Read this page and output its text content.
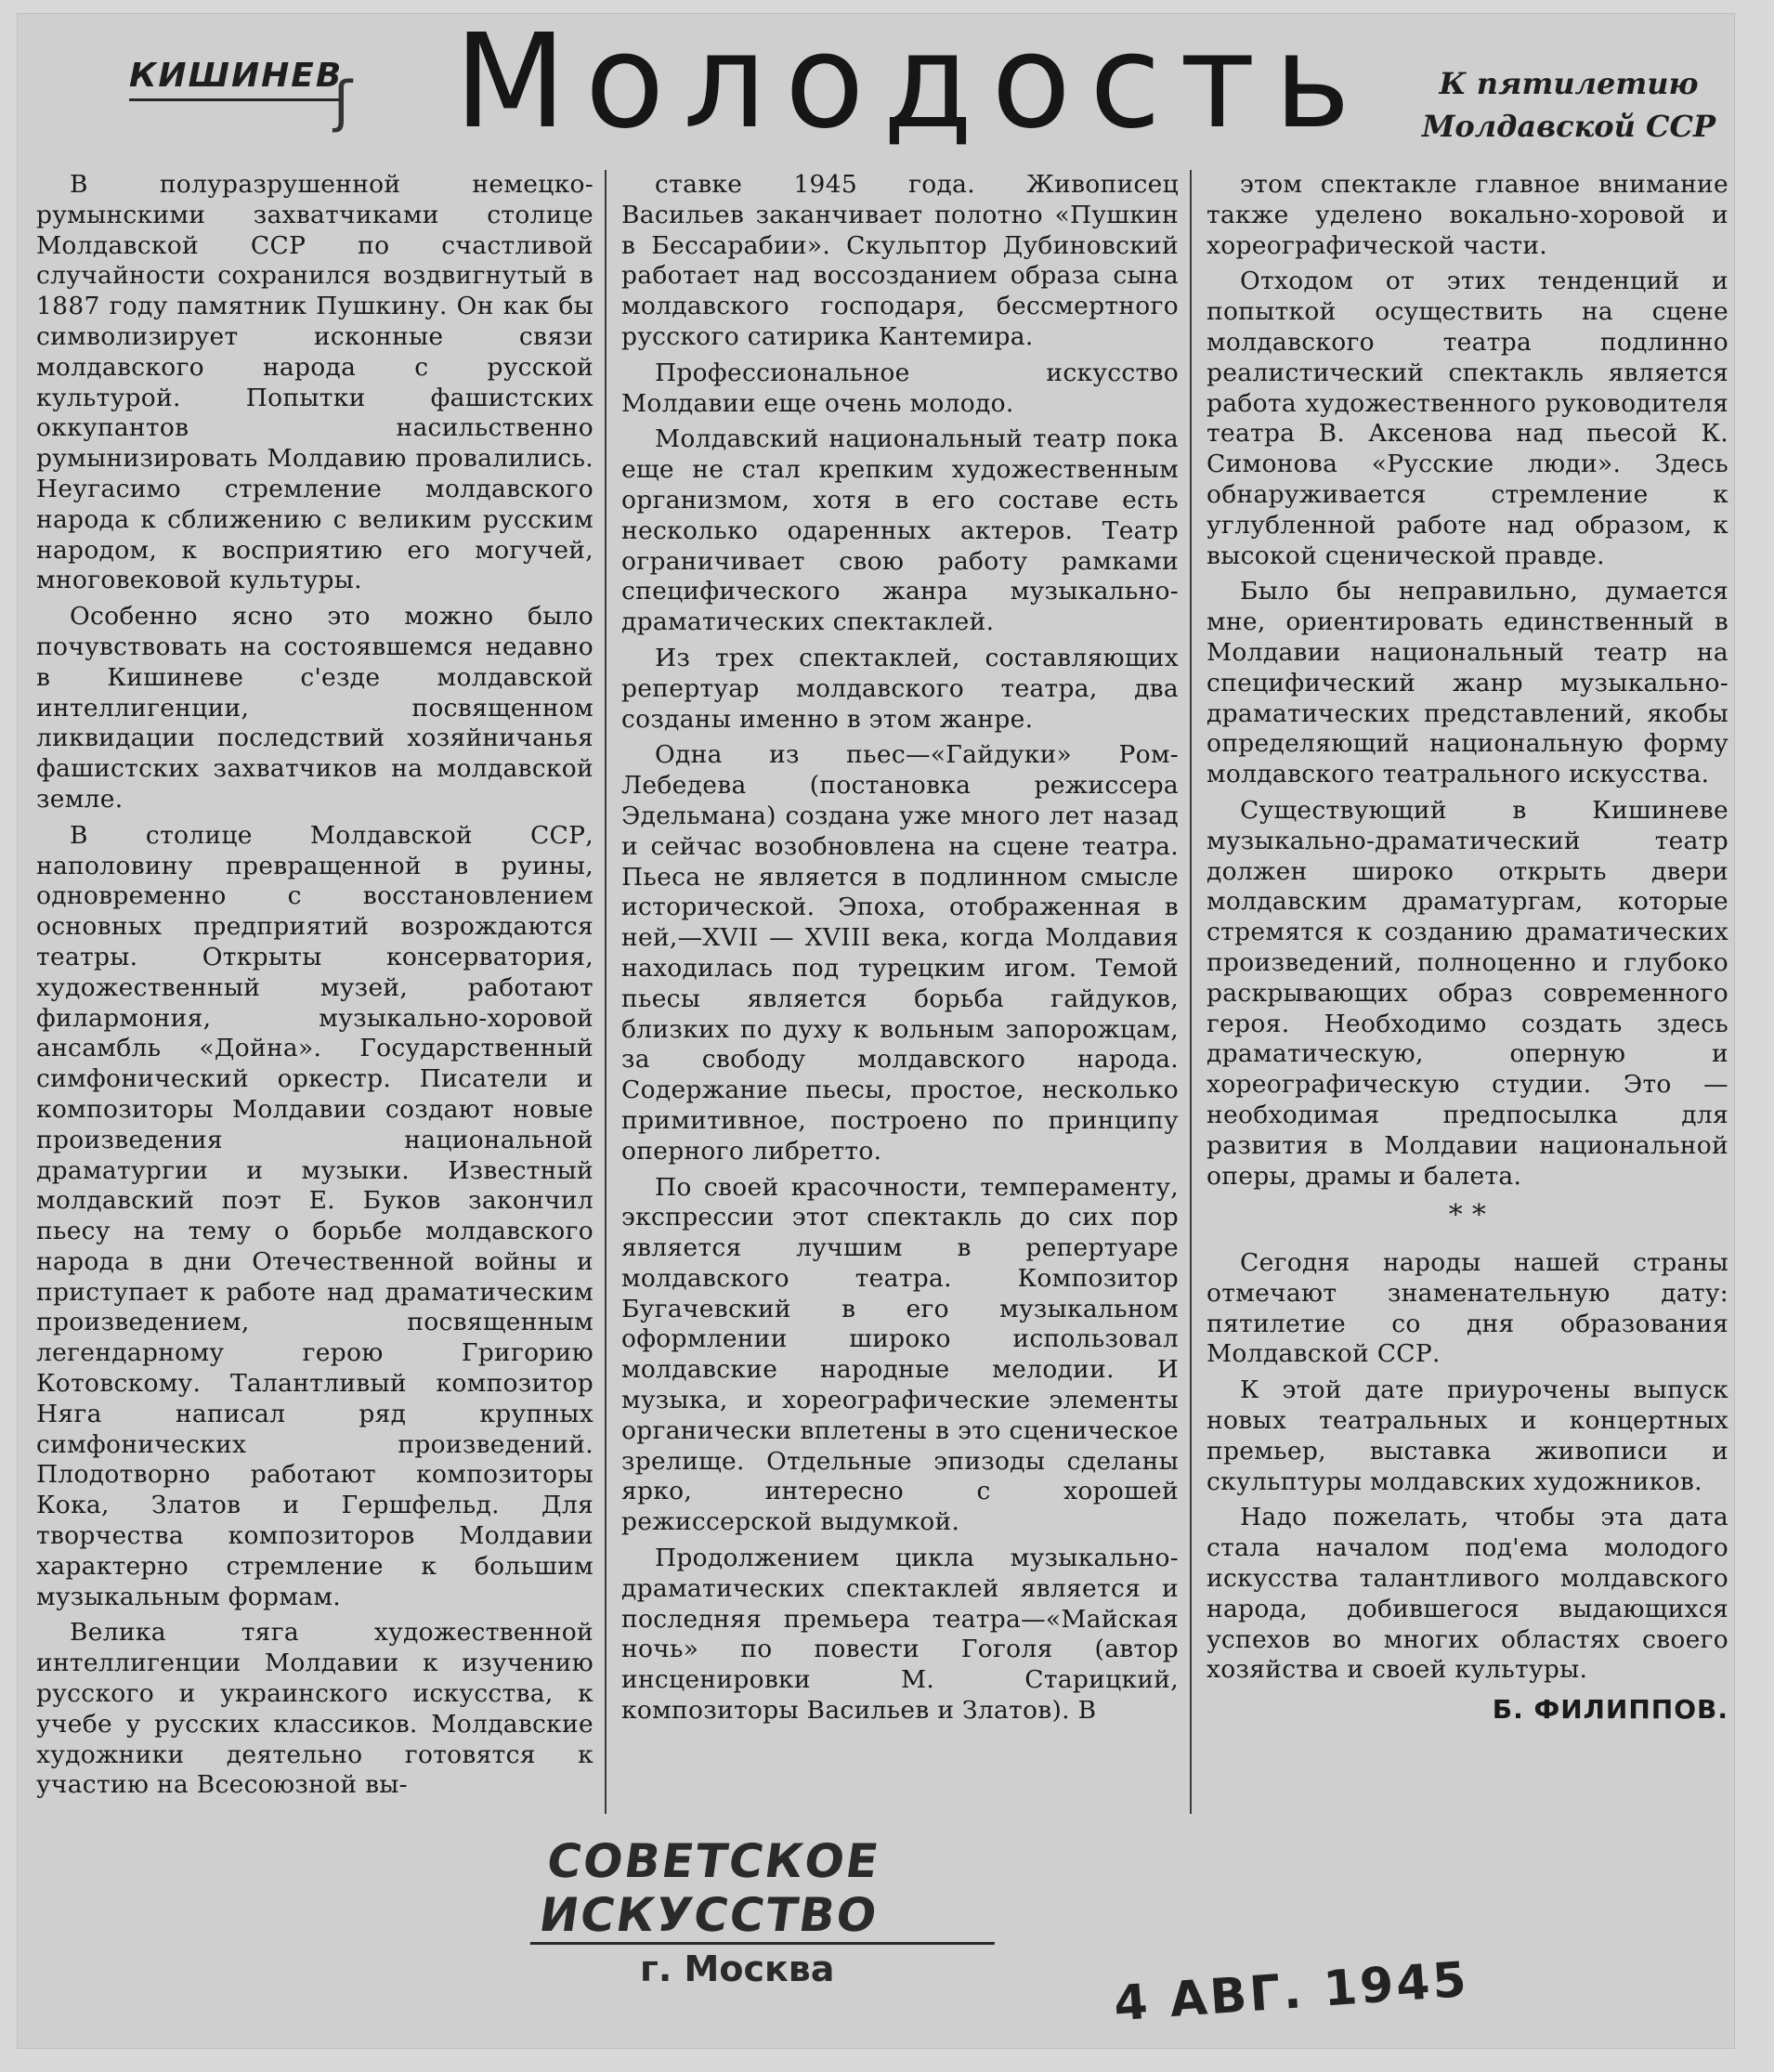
КИШИНЕВ
ʃ Молодость	К пятилетию
Молдавской ССР

В полуразрушенной немецко-румынскими захватчиками столице Молдавской ССР по счастливой случайности сохранился воздвигнутый в 1887 году памятник Пушкину. Он как бы символизирует исконные связи молдавского народа с русской культурой. Попытки фашистских оккупантов насильственно румынизировать Молдавию провалились. Неугасимо стремление молдавского народа к сближению с великим русским народом, к восприятию его могучей, многовековой культуры.

Особенно ясно это можно было почувствовать на состоявшемся недавно в Кишиневе с'езде молдавской интеллигенции, посвященном ликвидации последствий хозяйничанья фашистских захватчиков на молдавской земле.

В столице Молдавской ССР, наполовину превращенной в руины, одновременно с восстановлением основных предприятий возрождаются театры. Открыты консерватория, художественный музей, работают филармония, музыкально-хоровой ансамбль «Дойна». Государственный симфонический оркестр. Писатели и композиторы Молдавии создают новые произведения национальной драматургии и музыки. Известный молдавский поэт Е. Буков закончил пьесу на тему о борьбе молдавского народа в дни Отечественной войны и приступает к работе над драматическим произведением, посвященным легендарному герою Григорию Котовскому. Талантливый композитор Няга написал ряд крупных симфонических произведений. Плодотворно работают композиторы Кока, Златов и Гершфельд. Для творчества композиторов Молдавии характерно стремление к большим музыкальным формам.

Велика тяга художественной интеллигенции Молдавии к изучению русского и украинского искусства, к учебе у русских классиков. Молдавские художники деятельно готовятся к участию на Всесоюзной вы-

ставке 1945 года. Живописец Васильев заканчивает полотно «Пушкин в Бессарабии». Скульптор Дубиновский работает над воссозданием образа сына молдавского господаря, бессмертного русского сатирика Кантемира.

Профессиональное искусство Молдавии еще очень молодо.

Молдавский национальный театр пока еще не стал крепким художественным организмом, хотя в его составе есть несколько одаренных актеров. Театр ограничивает свою работу рамками специфического жанра музыкально-драматических спектаклей.

Из трех спектаклей, составляющих репертуар молдавского театра, два созданы именно в этом жанре.

Одна из пьес—«Гайдуки» Ром-Лебедева (постановка режиссера Эдельмана) создана уже много лет назад и сейчас возобновлена на сцене театра. Пьеса не является в подлинном смысле исторической. Эпоха, отображенная в ней,—XVII — XVIII века, когда Молдавия находилась под турецким игом. Темой пьесы является борьба гайдуков, близких по духу к вольным запорожцам, за свободу молдавского народа. Содержание пьесы, простое, несколько примитивное, построено по принципу оперного либретто.

По своей красочности, темпераменту, экспрессии этот спектакль до сих пор является лучшим в репертуаре молдавского театра. Композитор Бугачевский в его музыкальном оформлении широко использовал молдавские народные мелодии. И музыка, и хореографические элементы органически вплетены в это сценическое зрелище. Отдельные эпизоды сделаны ярко, интересно с хорошей режиссерской выдумкой.

Продолжением цикла музыкально-драматических спектаклей является и последняя премьера театра—«Майская ночь» по повести Гоголя (автор инсценировки М. Старицкий, композиторы Васильев и Златов). В

этом спектакле главное внимание также уделено вокально-хоровой и хореографической части.

Отходом от этих тенденций и попыткой осуществить на сцене молдавского театра подлинно реалистический спектакль является работа художественного руководителя театра В. Аксенова над пьесой К. Симонова «Русские люди». Здесь обнаруживается стремление к углубленной работе над образом, к высокой сценической правде.

Было бы неправильно, думается мне, ориентировать единственный в Молдавии национальный театр на специфический жанр музыкально-драматических представлений, якобы определяющий национальную форму молдавского театрального искусства.

Существующий в Кишиневе музыкально-драматический театр должен широко открыть двери молдавским драматургам, которые стремятся к созданию драматических произведений, полноценно и глубоко раскрывающих образ современного героя. Необходимо создать здесь драматическую, оперную и хореографическую студии. Это — необходимая предпосылка для развития в Молдавии национальной оперы, драмы и балета.

* *

Сегодня народы нашей страны отмечают знаменательную дату: пятилетие со дня образования Молдавской ССР.

К этой дате приурочены выпуск новых театральных и концертных премьер, выставка живописи и скульптуры молдавских художников.

Надо пожелать, чтобы эта дата стала началом под'ема молодого искусства талантливого молдавского народа, добившегося выдающихся успехов во многих областях своего хозяйства и своей культуры.

Б. ФИЛИППОВ.
СОВЕТСКОЕ ИСКУССТВО
г. Москва	4 АВГ. 1945
